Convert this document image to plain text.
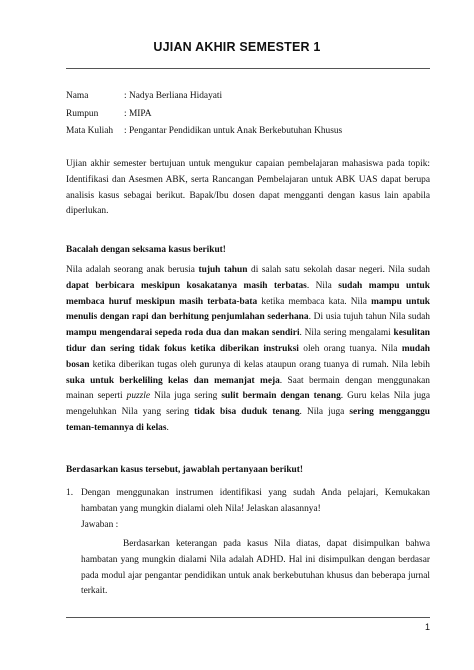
UJIAN AKHIR SEMESTER 1
Nama	: Nadya Berliana Hidayati
Rumpun	: MIPA
Mata Kuliah	: Pengantar Pendidikan untuk Anak Berkebutuhan Khusus
Ujian akhir semester bertujuan untuk mengukur capaian pembelajaran mahasiswa pada topik: Identifikasi dan Asesmen ABK, serta Rancangan Pembelajaran untuk ABK UAS dapat berupa analisis kasus sebagai berikut. Bapak/Ibu dosen dapat mengganti dengan kasus lain apabila diperlukan.
Bacalah dengan seksama kasus berikut!
Nila adalah seorang anak berusia tujuh tahun di salah satu sekolah dasar negeri. Nila sudah dapat berbicara meskipun kosakatanya masih terbatas. Nila sudah mampu untuk membaca huruf meskipun masih terbata-bata ketika membaca kata. Nila mampu untuk menulis dengan rapi dan berhitung penjumlahan sederhana. Di usia tujuh tahun Nila sudah mampu mengendarai sepeda roda dua dan makan sendiri. Nila sering mengalami kesulitan tidur dan sering tidak fokus ketika diberikan instruksi oleh orang tuanya. Nila mudah bosan ketika diberikan tugas oleh gurunya di kelas ataupun orang tuanya di rumah. Nila lebih suka untuk berkeliling kelas dan memanjat meja. Saat bermain dengan menggunakan mainan seperti puzzle Nila juga sering sulit bermain dengan tenang. Guru kelas Nila juga mengeluhkan Nila yang sering tidak bisa duduk tenang. Nila juga sering mengganggu teman-temannya di kelas.
Berdasarkan kasus tersebut, jawablah pertanyaan berikut!
1. Dengan menggunakan instrumen identifikasi yang sudah Anda pelajari, Kemukakan hambatan yang mungkin dialami oleh Nila! Jelaskan alasannya!
Jawaban :
Berdasarkan keterangan pada kasus Nila diatas, dapat disimpulkan bahwa hambatan yang mungkin dialami Nila adalah ADHD. Hal ini disimpulkan dengan berdasar pada modul ajar pengantar pendidikan untuk anak berkebutuhan khusus dan beberapa jurnal terkait.
1
